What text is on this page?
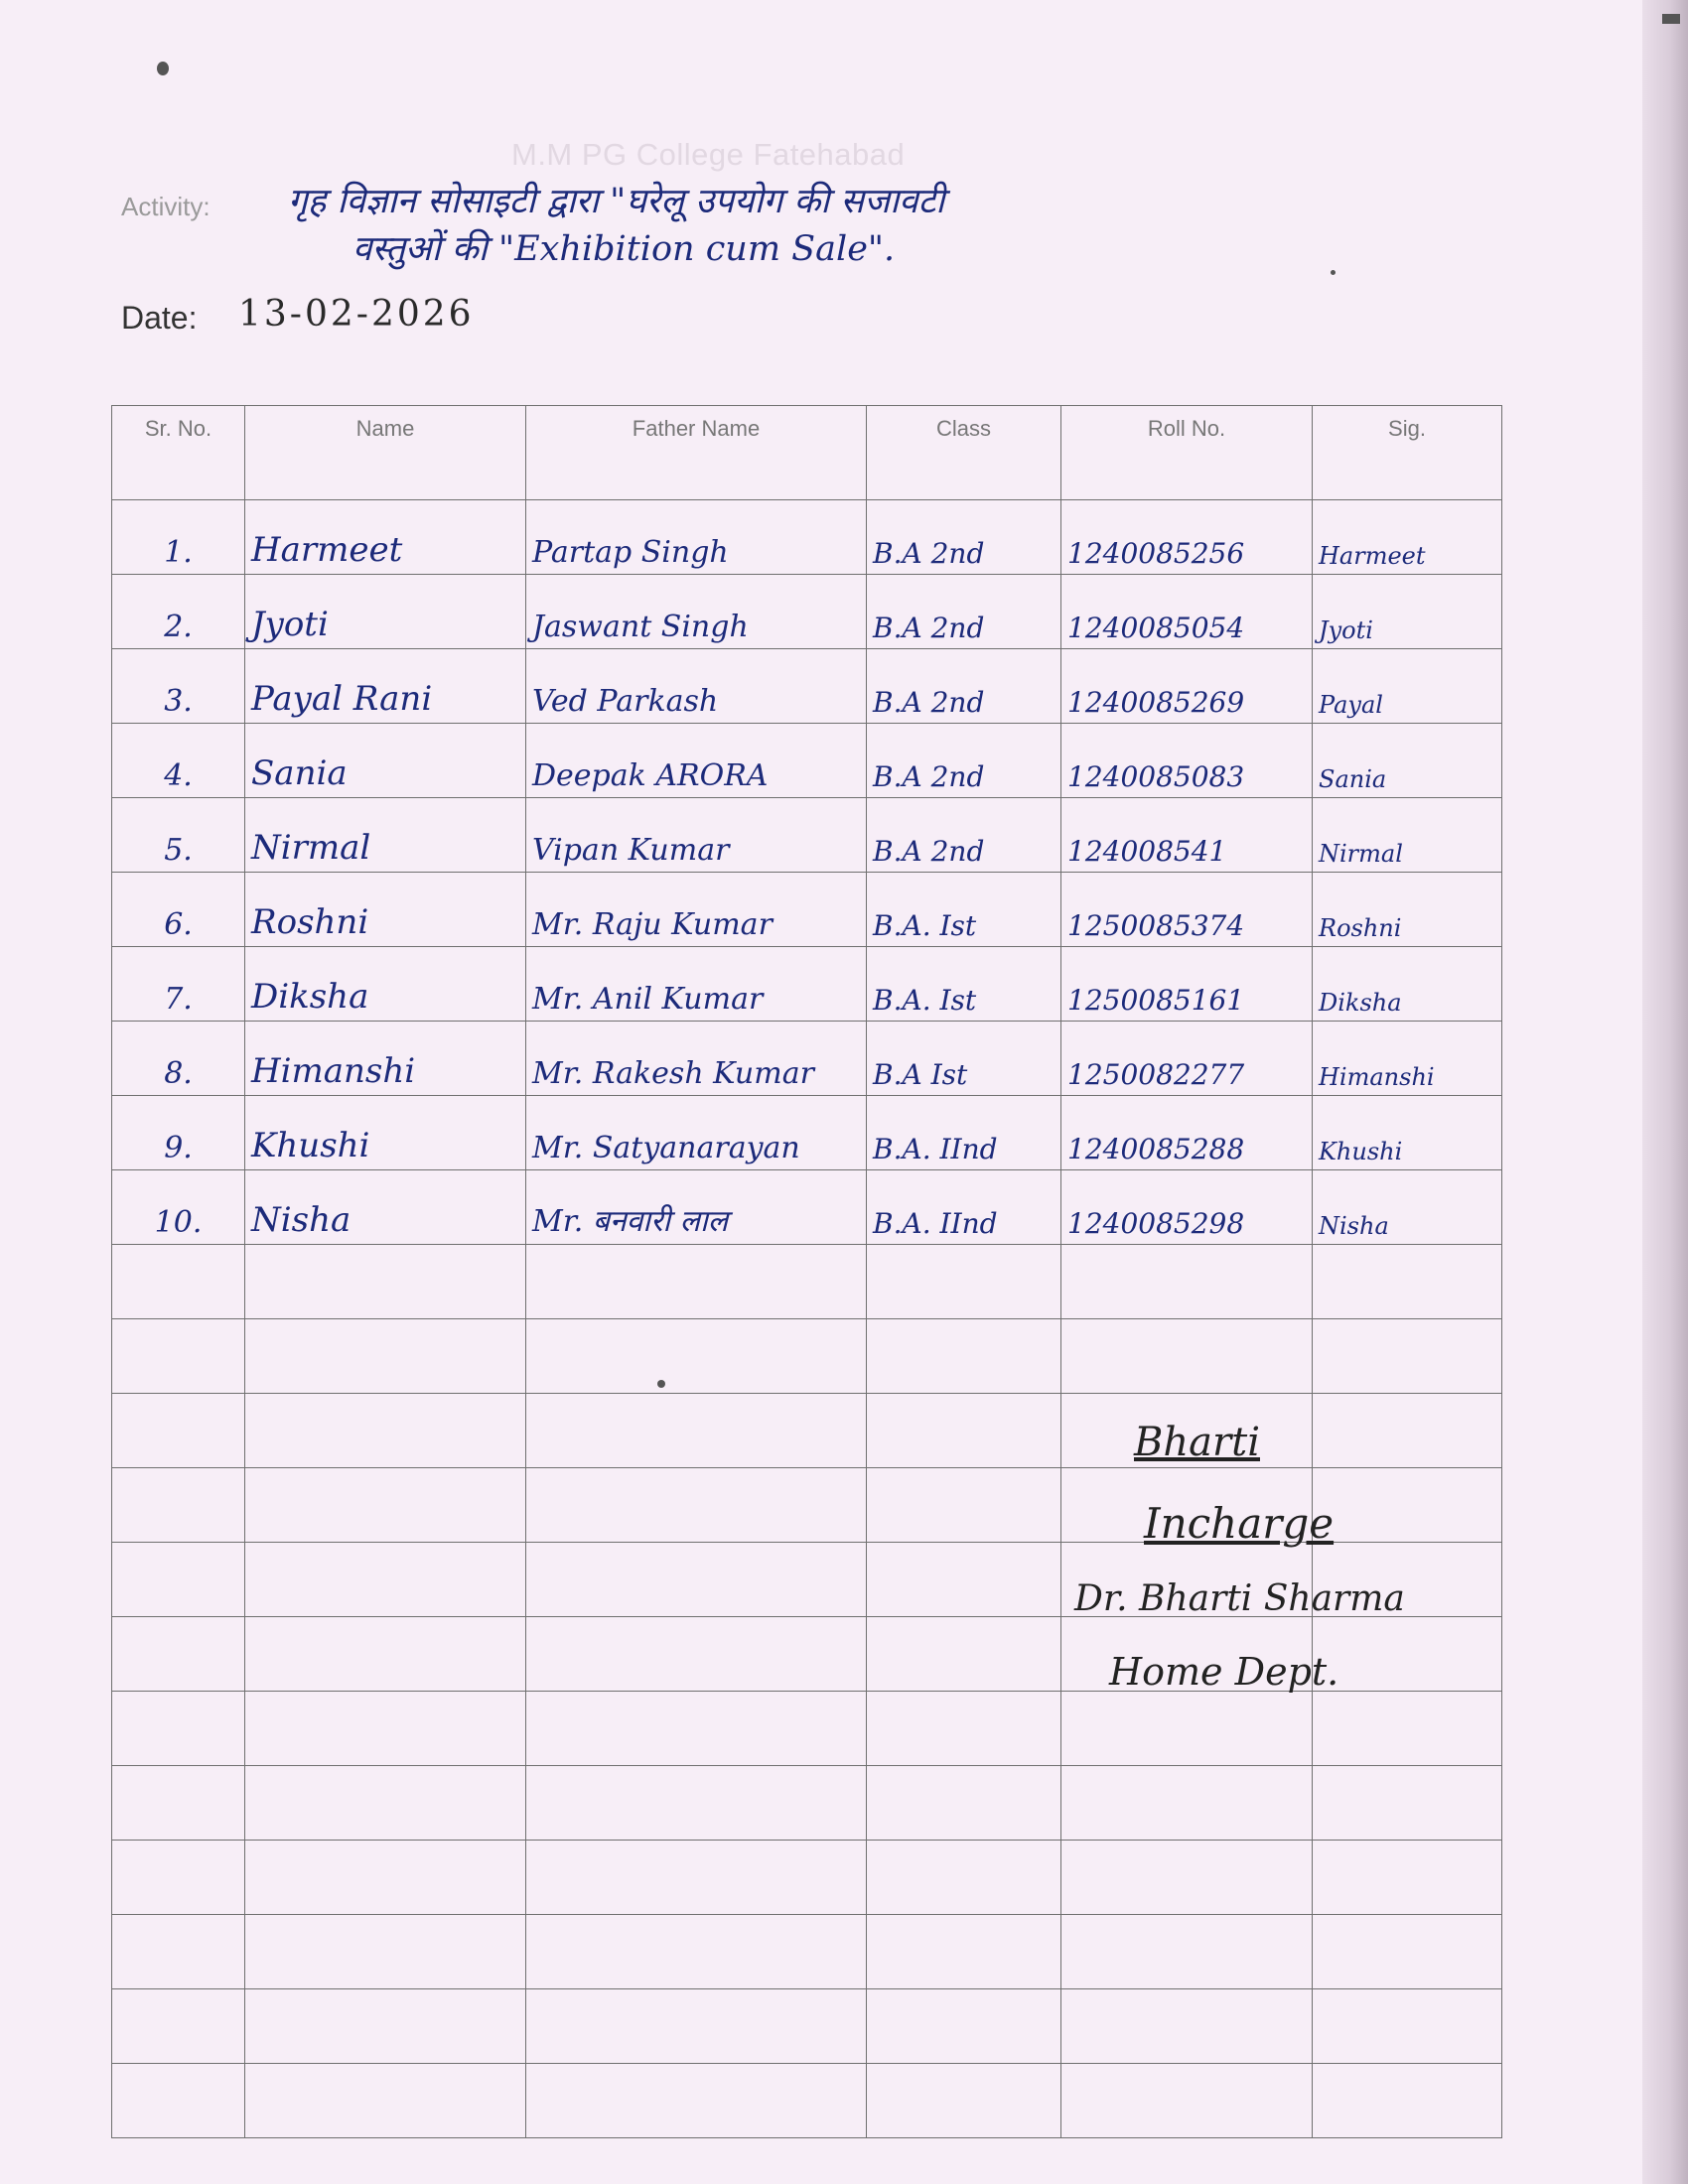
M.M PG College Fatehabad
Activity: गृह विज्ञान सोसाइटी द्वारा "घरेलू उपयोग की सजावटी
वस्तुओं की "Exhibition cum Sale".
Date: 13-02-2026
Sr. No.	Name	Father Name	Class	Roll No.	Sig.
1.	Harmeet	Partap Singh	B.A 2nd	1240085256	Harmeet
2.	Jyoti	Jaswant Singh	B.A 2nd	1240085054	Jyoti
3.	Payal Rani	Ved Parkash	B.A 2nd	1240085269	Payal
4.	Sania	Deepak ARORA	B.A 2nd	1240085083	Sania
5.	Nirmal	Vipan Kumar	B.A 2nd	124008541	Nirmal
6.	Roshni	Mr. Raju Kumar	B.A. Ist	1250085374	Roshni
7.	Diksha	Mr. Anil Kumar	B.A. Ist	1250085161	Diksha
8.	Himanshi	Mr. Rakesh Kumar	B.A Ist	1250082277	Himanshi
9.	Khushi	Mr. Satyanarayan	B.A. IInd	1240085288	Khushi
10.	Nisha	Mr. बनवारी लाल	B.A. IInd	1240085298	Nisha

Bharti
Incharge
Dr. Bharti Sharma
Home Dept.
